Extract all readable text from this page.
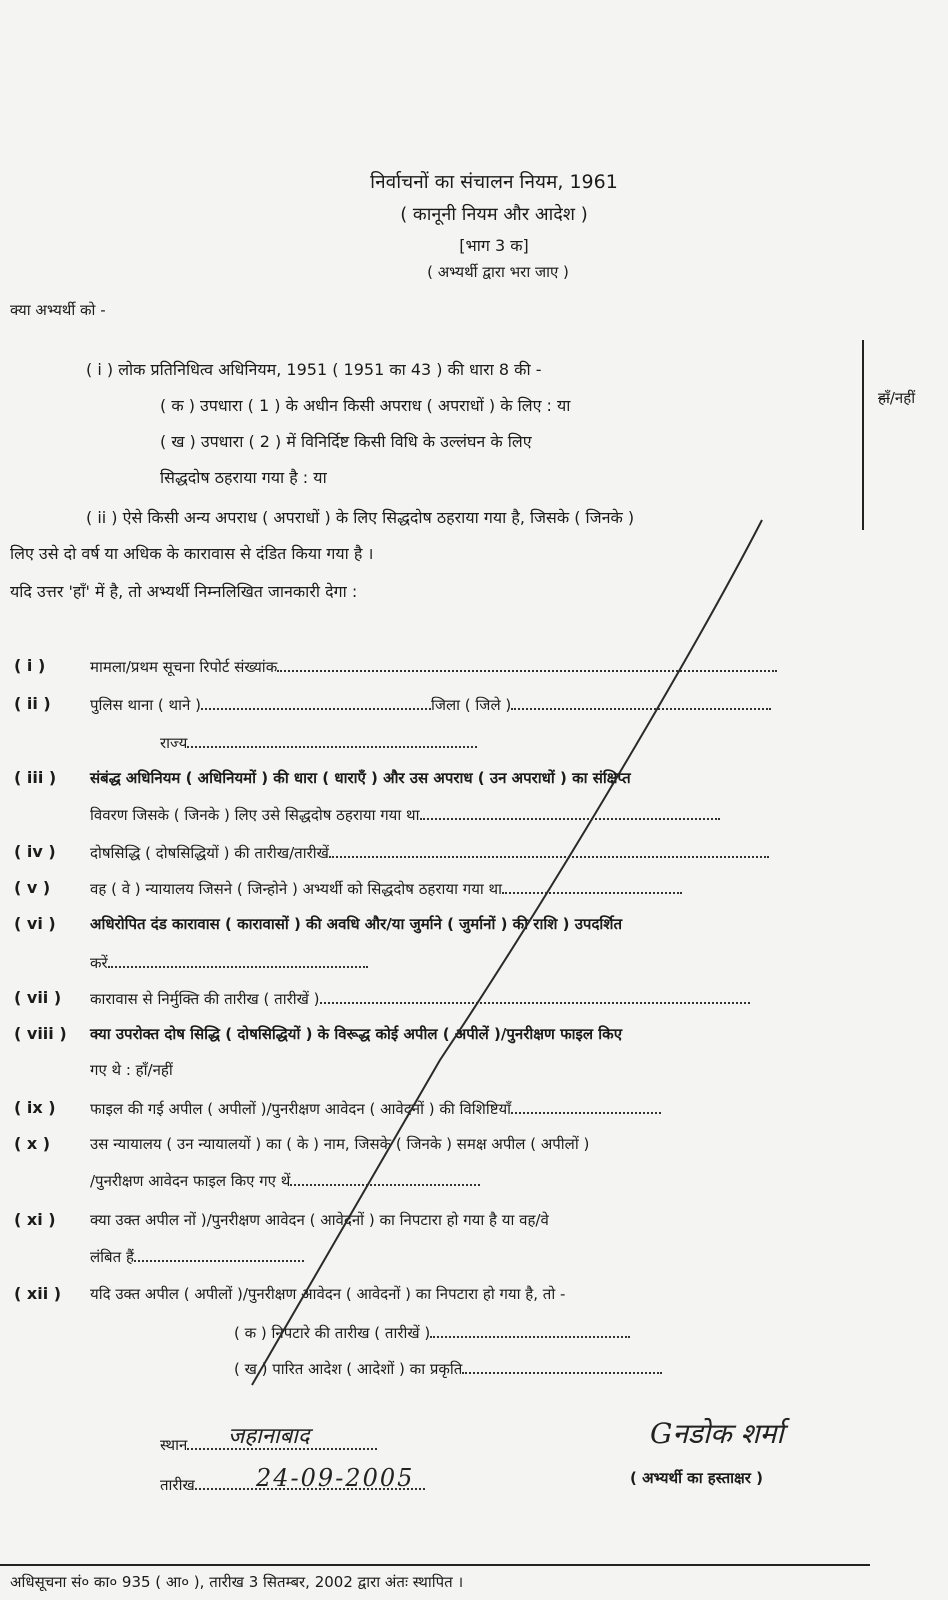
निर्वाचनों का संचालन नियम, 1961
( कानूनी नियम और आदेश )
[भाग 3 क]
( अभ्यर्थी द्वारा भरा जाए )
क्या अभ्यर्थी को -
( i ) लोक प्रतिनिधित्व अधिनियम, 1951 ( 1951 का 43 ) की धारा 8 की -
( क ) उपधारा ( 1 ) के अधीन किसी अपराध ( अपराधों ) के लिए : या
( ख ) उपधारा ( 2 ) में विनिर्दिष्ट किसी विधि के उल्लंघन के लिए
सिद्धदोष ठहराया गया है : या
( ii ) ऐसे किसी अन्य अपराध ( अपराधों ) के लिए सिद्धदोष ठहराया गया है, जिसके ( जिनके )
लिए उसे दो वर्ष या अधिक के कारावास से दंडित किया गया है ।
यदि उत्तर 'हाँ' में है, तो अभ्यर्थी निम्नलिखित जानकारी देगा :
हाँ/नहीं
( i )	मामला/प्रथम सूचना रिपोर्ट संख्यांक
( ii )	पुलिस थाना ( थाने )	जिला ( जिले )
राज्य
( iii ) संबंद्ध अधिनियम ( अधिनियमों ) की धारा ( धाराएँ ) और उस अपराध ( उन अपराधों ) का संक्षिप्त
विवरण जिसके ( जिनके ) लिए उसे सिद्धदोष ठहराया गया था
( iv ) दोषसिद्धि ( दोषसिद्धियों ) की तारीख/तारीखें
( v )	वह ( वे ) न्यायालय जिसने ( जिन्होने ) अभ्यर्थी को सिद्धदोष ठहराया गया था
( vi ) अधिरोपित दंड कारावास ( कारावासों ) की अवधि और/या जुर्माने ( जुर्मानों ) की राशि ) उपदर्शित
करें
( vii ) कारावास से निर्मुक्ति की तारीख ( तारीखें )
( viii ) क्या उपरोक्त दोष सिद्धि ( दोषसिद्धियों ) के विरूद्ध कोई अपील ( अपीलें )/पुनरीक्षण फाइल किए
गए थे : हाँ/नहीं
( ix ) फाइल की गई अपील ( अपीलों )/पुनरीक्षण आवेदन ( आवेदनों ) की विशिष्टियाँ
( x )	उस न्यायालय ( उन न्यायालयों ) का ( के ) नाम, जिसके ( जिनके ) समक्ष अपील ( अपीलों )
/पुनरीक्षण आवेदन फाइल किए गए थें
( xi ) क्या उक्त अपील नों )/पुनरीक्षण आवेदन ( आवेदनों ) का निपटारा हो गया है या वह/वे
लंबित हैं
( xii ) यदि उक्त अपील ( अपीलों )/पुनरीक्षण आवेदन ( आवेदनों ) का निपटारा हो गया है, तो -
( क ) निपटारे की तारीख ( तारीखें )
( ख ) पारित आदेश ( आदेशों ) का प्रकृति
स्थान	जहानाबाद
तारीख	24-09-2005
Gनडोक शर्मा
( अभ्यर्थी का हस्ताक्षर )
अधिसूचना सं० का० 935 ( आ० ), तारीख 3 सितम्बर, 2002 द्वारा अंतः स्थापित ।
